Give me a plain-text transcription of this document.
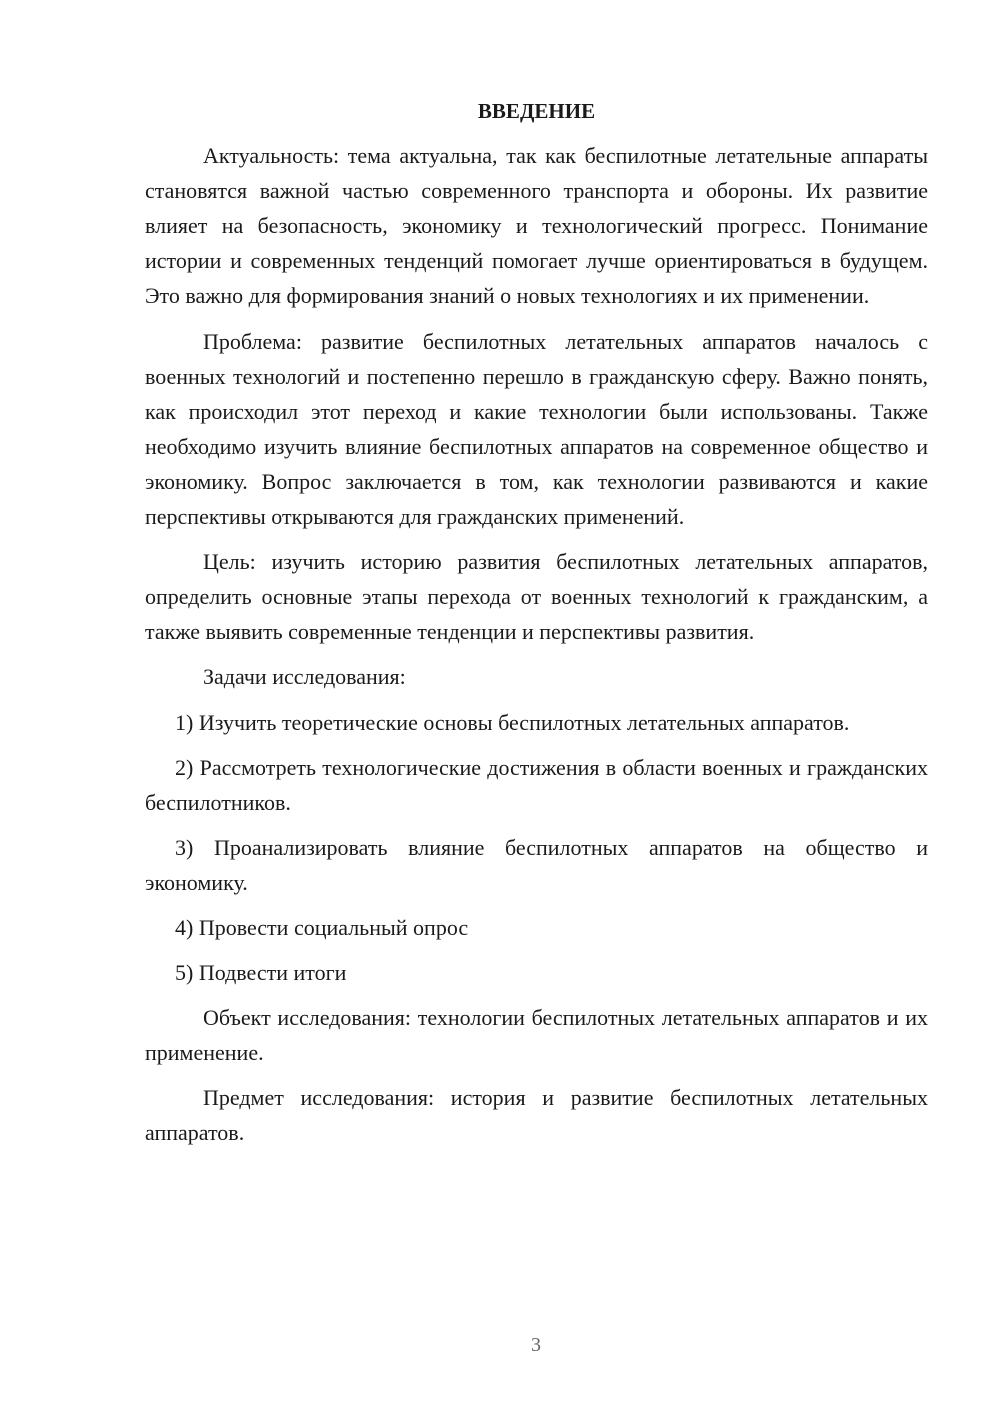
ВВЕДЕНИЕ

Актуальность: тема актуальна, так как беспилотные летательные аппараты становятся важной частью современного транспорта и обороны. Их развитие влияет на безопасность, экономику и технологический прогресс. Понимание истории и современных тенденций помогает лучше ориентироваться в будущем. Это важно для формирования знаний о новых технологиях и их применении.

Проблема: развитие беспилотных летательных аппаратов началось с военных технологий и постепенно перешло в гражданскую сферу. Важно понять, как происходил этот переход и какие технологии были использованы. Также необходимо изучить влияние беспилотных аппаратов на современное общество и экономику. Вопрос заключается в том, как технологии развиваются и какие перспективы открываются для гражданских применений.

Цель: изучить историю развития беспилотных летательных аппаратов, определить основные этапы перехода от военных технологий к гражданским, а также выявить современные тенденции и перспективы развития.

Задачи исследования:

1) Изучить теоретические основы беспилотных летательных аппаратов.

2) Рассмотреть технологические достижения в области военных и гражданских беспилотников.

3) Проанализировать влияние беспилотных аппаратов на общество и экономику.

4) Провести социальный опрос

5) Подвести итоги

Объект исследования: технологии беспилотных летательных аппаратов и их применение.

Предмет исследования: история и развитие беспилотных летательных аппаратов.

3
